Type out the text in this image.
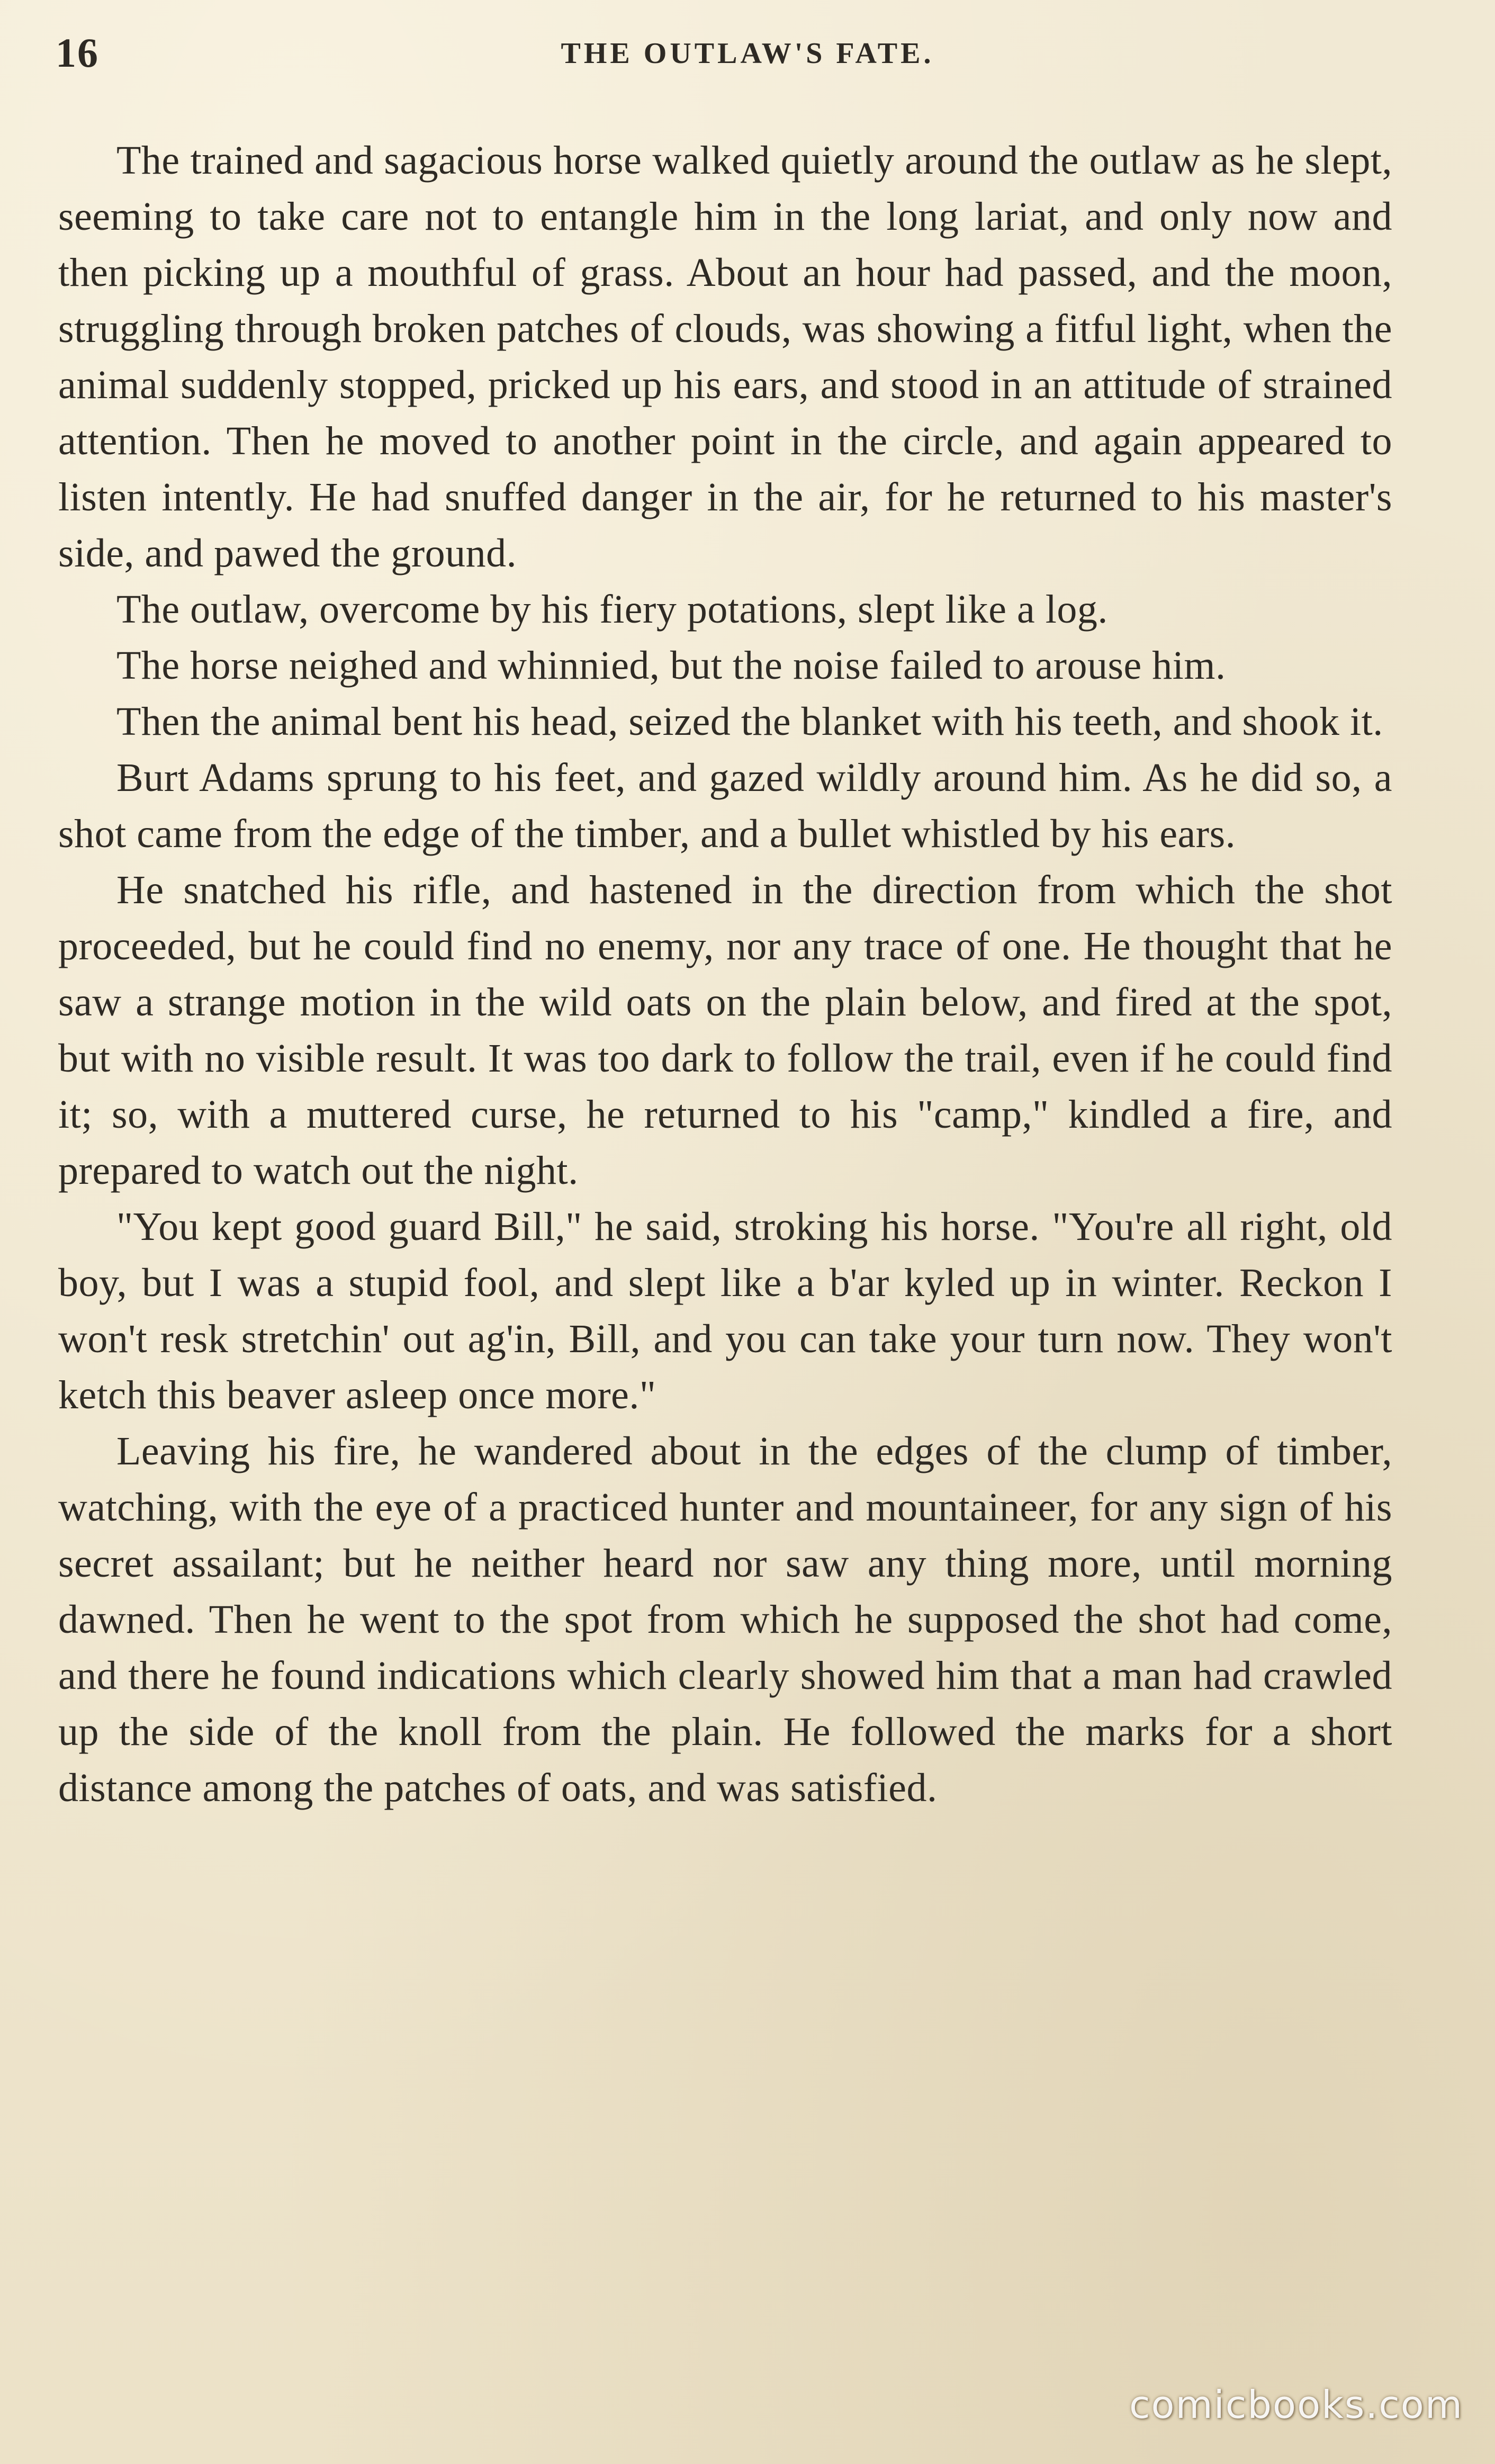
16	THE OUTLAW'S FATE.

The trained and sagacious horse walked quietly around the outlaw as he slept, seeming to take care not to entangle him in the long lariat, and only now and then picking up a mouthful of grass. About an hour had passed, and the moon, struggling through broken patches of clouds, was showing a fitful light, when the animal suddenly stopped, pricked up his ears, and stood in an attitude of strained attention. Then he moved to another point in the circle, and again appeared to listen intently. He had snuffed danger in the air, for he returned to his master's side, and pawed the ground.

The outlaw, overcome by his fiery potations, slept like a log.

The horse neighed and whinnied, but the noise failed to arouse him.

Then the animal bent his head, seized the blanket with his teeth, and shook it.

Burt Adams sprung to his feet, and gazed wildly around him. As he did so, a shot came from the edge of the timber, and a bullet whistled by his ears.

He snatched his rifle, and hastened in the direction from which the shot proceeded, but he could find no enemy, nor any trace of one. He thought that he saw a strange motion in the wild oats on the plain below, and fired at the spot, but with no visible result. It was too dark to follow the trail, even if he could find it; so, with a muttered curse, he returned to his "camp," kindled a fire, and prepared to watch out the night.

"You kept good guard Bill," he said, stroking his horse. "You're all right, old boy, but I was a stupid fool, and slept like a b'ar kyled up in winter. Reckon I won't resk stretchin' out ag'in, Bill, and you can take your turn now. They won't ketch this beaver asleep once more."

Leaving his fire, he wandered about in the edges of the clump of timber, watching, with the eye of a practiced hunter and mountaineer, for any sign of his secret assailant; but he neither heard nor saw any thing more, until morning dawned. Then he went to the spot from which he supposed the shot had come, and there he found indications which clearly showed him that a man had crawled up the side of the knoll from the plain. He followed the marks for a short distance among the patches of oats, and was satisfied.

comicbooks.com
